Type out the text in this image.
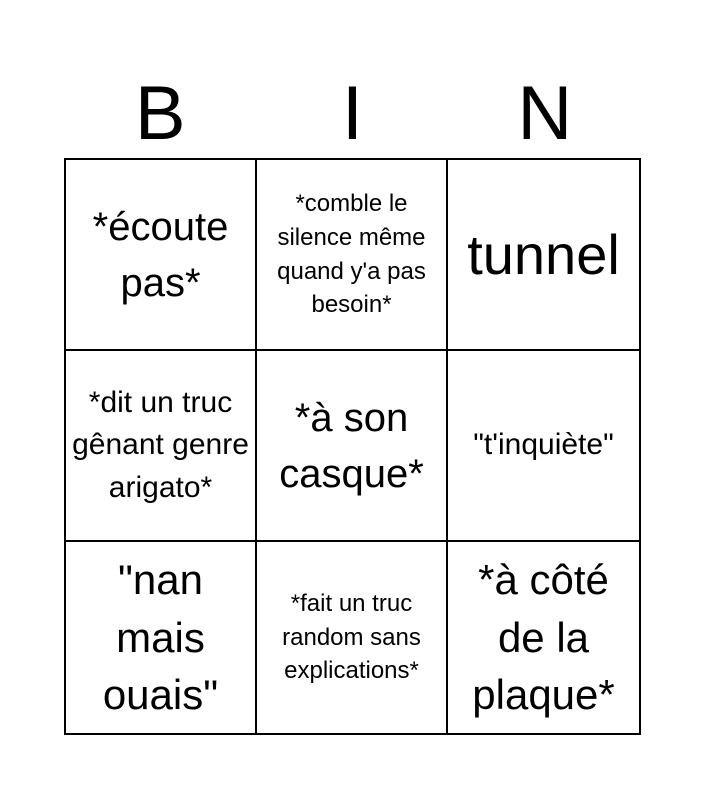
B	I	N
*écoute pas*
*comble le silence même quand y'a pas besoin*
tunnel
*dit un truc gênant genre arigato*
*à son casque*
"t'inquiète"
"nan mais ouais"
*fait un truc random sans explications*
*à côté de la plaque*
